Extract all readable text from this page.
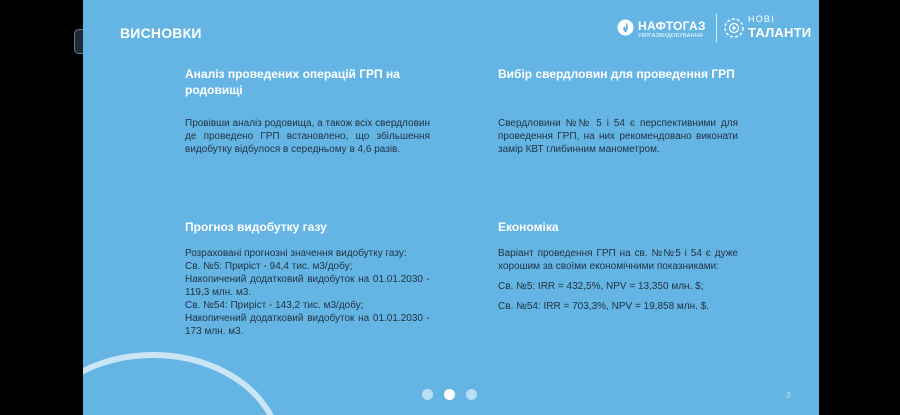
ВИСНОВКИ	НАФТОГАЗ
УКРГАЗВИДОБУВАННЯ
НОВІ
ТАЛАНТИ
Аналіз проведених операцій ГРП на родовищі

Провівши аналіз родовища, а також всіх свердловин де проведено ГРП встановлено, що збільшення видобутку відбулося в середньому в 4,6 разів.

Вибір свердловин для проведення ГРП

Свердловини №№ 5 і 54 є перспективними для проведення ГРП, на них рекомендовано виконати замір КВТ глибинним манометром.

Прогноз видобутку газу

Розраховані прогнозні значення видобутку газу:
Св. №5: Приріст - 94,4 тис. м3/добу;
Накопичений додатковий видобуток на 01.01.2030 - 119,3 млн. м3.
Св. №54: Приріст - 143,2 тис. м3/добу;
Накопичений додатковий видобуток на 01.01.2030 - 173 млн. м3.

Економіка

Варіант проведення ГРП на св. №№5 і 54 є дуже хорошим за своїми економічними показниками:

Св. №5: IRR = 432,5%, NPV = 13,350 млн. $;

Св. №54: IRR = 703,3%, NPV = 19,858 млн. $.

3
